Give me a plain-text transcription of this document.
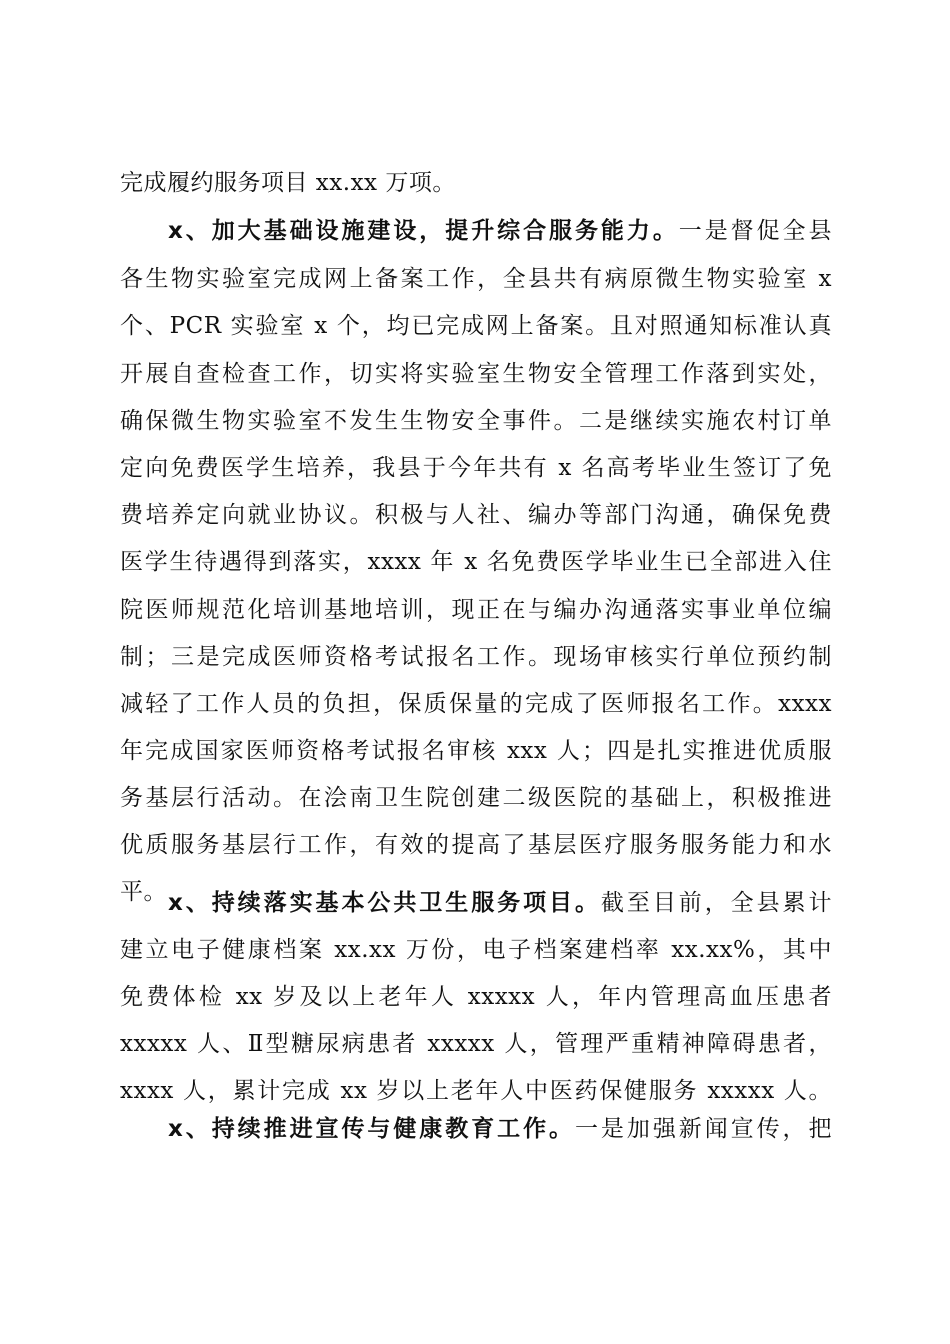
完成履约服务项目 xx.xx 万项。
x、加大基础设施建设，提升综合服务能力。一是督促全县
各生物实验室完成网上备案工作，全县共有病原微生物实验室 x
个、PCR 实验室 x 个，均已完成网上备案。且对照通知标准认真
开展自查检查工作，切实将实验室生物安全管理工作落到实处，
确保微生物实验室不发生生物安全事件。二是继续实施农村订单
定向免费医学生培养，我县于今年共有 x 名高考毕业生签订了免
费培养定向就业协议。积极与人社、编办等部门沟通，确保免费
医学生待遇得到落实，xxxx 年 x 名免费医学毕业生已全部进入住
院医师规范化培训基地培训，现正在与编办沟通落实事业单位编
制；三是完成医师资格考试报名工作。现场审核实行单位预约制
减轻了工作人员的负担，保质保量的完成了医师报名工作。xxxx
年完成国家医师资格考试报名审核 xxx 人；四是扎实推进优质服
务基层行活动。在浍南卫生院创建二级医院的基础上，积极推进
优质服务基层行工作，有效的提高了基层医疗服务服务能力和水
平。 x、持续落实基本公共卫生服务项目。截至目前，全县累计
建立电子健康档案 xx.xx 万份，电子档案建档率 xx.xx%，其中
免费体检 xx 岁及以上老年人 xxxxx 人，年内管理高血压患者
xxxxx 人、Ⅱ型糖尿病患者 xxxxx 人，管理严重精神障碍患者，
xxxx 人，累计完成 xx 岁以上老年人中医药保健服务 xxxxx 人。
x、持续推进宣传与健康教育工作。一是加强新闻宣传，把
